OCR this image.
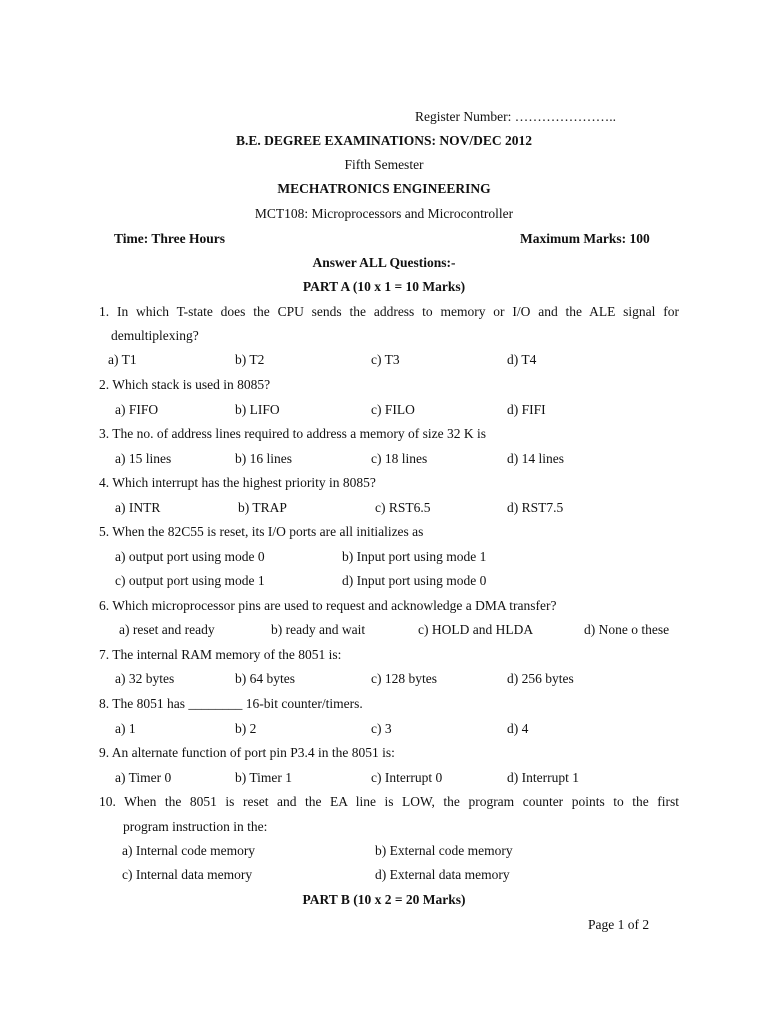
Register Number: …………………..
B.E. DEGREE EXAMINATIONS: NOV/DEC 2012
Fifth Semester
MECHATRONICS ENGINEERING
MCT108: Microprocessors and Microcontroller
Time: Three Hours	Maximum Marks: 100
Answer ALL Questions:-
PART A (10 x 1 = 10 Marks)
1. In which T-state does the CPU sends the address to memory or I/O and the ALE signal for
demultiplexing?
a) T1	b) T2	c) T3	d) T4
2. Which stack is used in 8085?
a) FIFO	b) LIFO	c) FILO	d) FIFI
3. The no. of address lines required to address a memory of size 32 K is
a) 15 lines	b) 16 lines	c) 18 lines	d) 14 lines
4. Which interrupt has the highest priority in 8085?
a) INTR	b) TRAP	c) RST6.5	d) RST7.5
5. When the 82C55 is reset, its I/O ports are all initializes as
a) output port using mode 0	b) Input port using mode 1
c) output port using mode 1	d) Input port using mode 0
6. Which microprocessor pins are used to request and acknowledge a DMA transfer?
a) reset and ready	b) ready and wait	c) HOLD and HLDA	d) None o these
7. The internal RAM memory of the 8051 is:
a) 32 bytes	b) 64 bytes	c) 128 bytes	d) 256 bytes
8. The 8051 has ________ 16-bit counter/timers.
a) 1	b) 2	c) 3	d) 4
9. An alternate function of port pin P3.4 in the 8051 is:
a) Timer 0	b) Timer 1	c) Interrupt 0	d) Interrupt 1
10. When the 8051 is reset and the EA line is LOW, the program counter points to the first
program instruction in the:
a) Internal code memory	b) External code memory
c) Internal data memory	d) External data memory
PART B (10 x 2 = 20 Marks)
Page 1 of 2
